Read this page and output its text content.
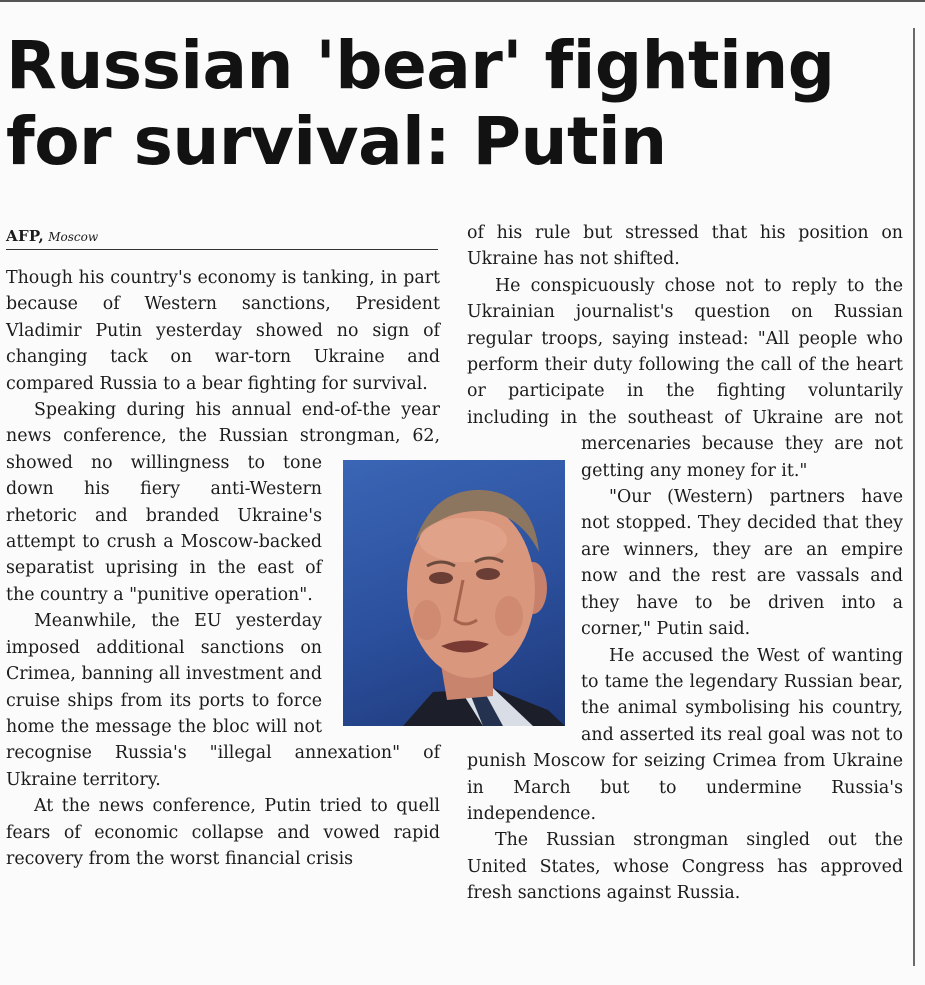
Russian 'bear' fighting for survival: Putin
AFP, Moscow

Though his country's economy is tanking, in part because of Western sanctions, President Vladimir Putin yesterday showed no sign of changing tack on war-torn Ukraine and compared Russia to a bear fighting for survival.

Speaking during his annual end-of-the year news conference, the Russian strongman, 62, showed no willingness to tone down his fiery anti-Western rhetoric and branded Ukraine's attempt to crush a Moscow-backed separatist uprising in the east of the country a "punitive operation".

Meanwhile, the EU yesterday imposed additional sanctions on Crimea, banning all investment and cruise ships from its ports to force home the message the bloc will not recognise Russia's "illegal annexation" of Ukraine territory.

At the news conference, Putin tried to quell fears of economic collapse and vowed rapid recovery from the worst financial crisis

of his rule but stressed that his position on Ukraine has not shifted.

He conspicuously chose not to reply to the Ukrainian journalist's question on Russian regular troops, saying instead: "All people who perform their duty following the call of the heart or participate in the fighting voluntarily including in the southeast of Ukraine are not mercenaries because they are not getting any money for it."

"Our (Western) partners have not stopped. They decided that they are winners, they are an empire now and the rest are vassals and they have to be driven into a corner," Putin said.

He accused the West of wanting to tame the legendary Russian bear, the animal symbolising his country, and asserted its real goal was not to punish Moscow for seizing Crimea from Ukraine in March but to undermine Russia's independence.

The Russian strongman singled out the United States, whose Congress has approved fresh sanctions against Russia.
